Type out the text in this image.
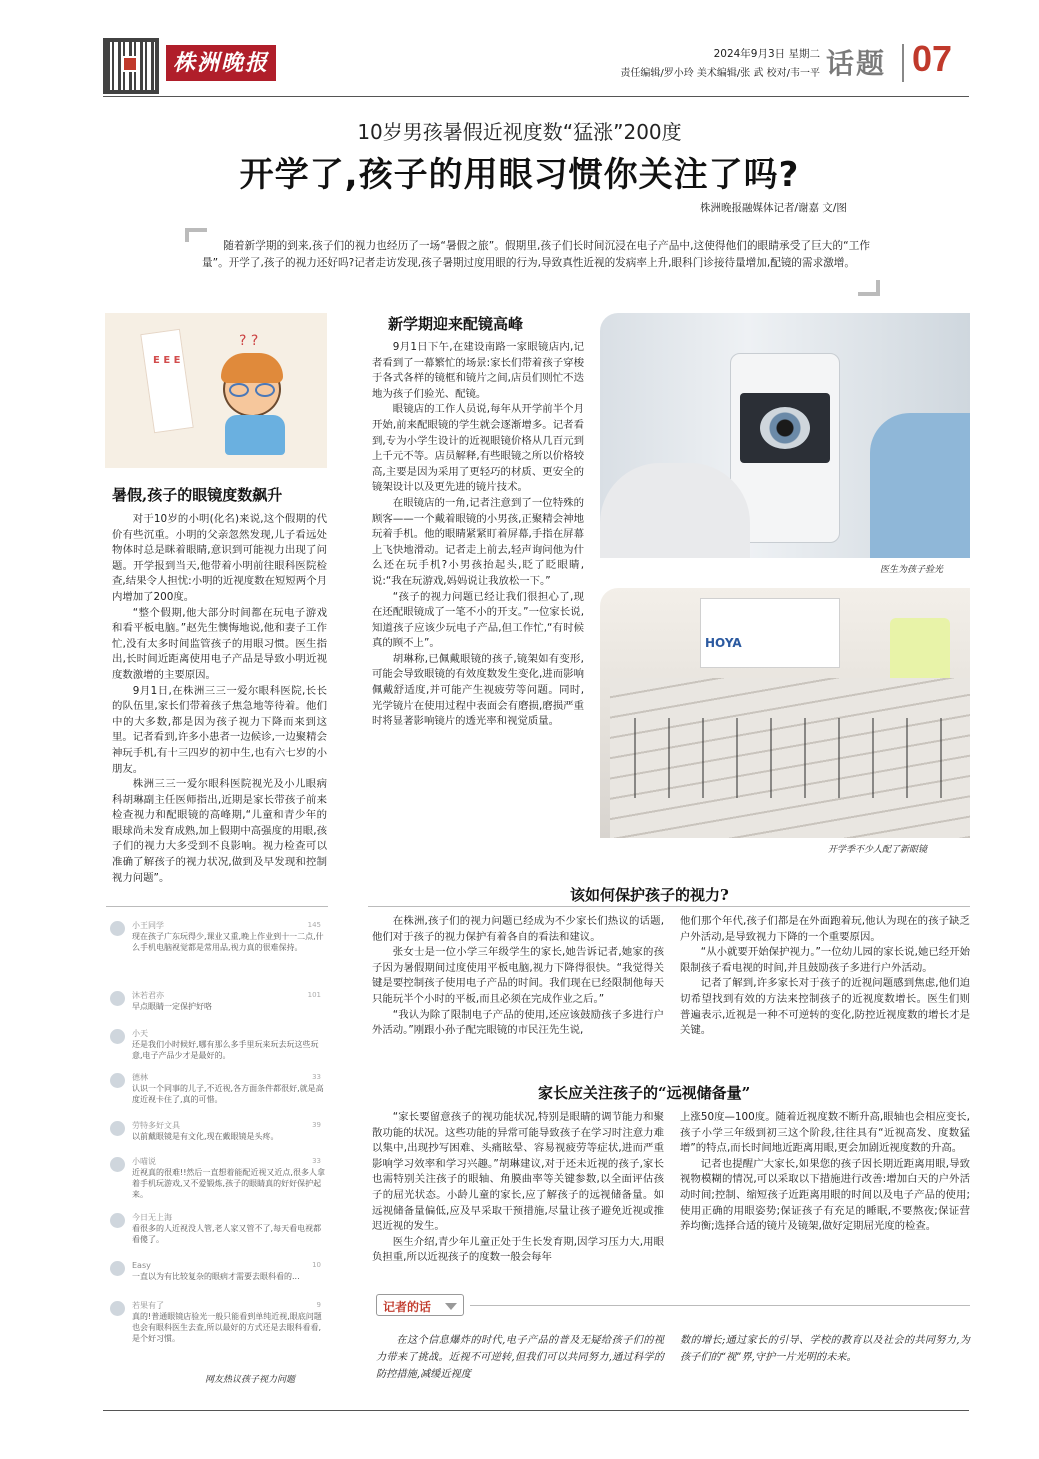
株洲晚报	2024年9月3日 星期二
责任编辑/罗小玲 美术编辑/张 武 校对/韦一平 话题 07
10岁男孩暑假近视度数“猛涨”200度
开学了,孩子的用眼习惯你关注了吗?
株洲晚报融媒体记者/谢嘉 文/图
随着新学期的到来,孩子们的视力也经历了一场“暑假之旅”。假期里,孩子们长时间沉浸在电子产品中,这使得他们的眼睛承受了巨大的“工作量”。开学了,孩子的视力还好吗?记者走访发现,孩子暑期过度用眼的行为,导致真性近视的发病率上升,眼科门诊接待量增加,配镜的需求激增。
E E E
? ?
暑假,孩子的眼镜度数飙升

对于10岁的小明(化名)来说,这个假期的代价有些沉重。小明的父亲忽然发现,儿子看远处物体时总是眯着眼睛,意识到可能视力出现了问题。开学报到当天,他带着小明前往眼科医院检查,结果令人担忧:小明的近视度数在短短两个月内增加了200度。

“整个假期,他大部分时间都在玩电子游戏和看平板电脑。”赵先生懊悔地说,他和妻子工作忙,没有太多时间监管孩子的用眼习惯。医生指出,长时间近距离使用电子产品是导致小明近视度数激增的主要原因。

9月1日,在株洲三三一爱尔眼科医院,长长的队伍里,家长们带着孩子焦急地等待着。他们中的大多数,都是因为孩子视力下降而来到这里。记者看到,许多小患者一边候诊,一边聚精会神玩手机,有十三四岁的初中生,也有六七岁的小朋友。

株洲三三一爱尔眼科医院视光及小儿眼病科胡琳副主任医师指出,近期是家长带孩子前来检查视力和配眼镜的高峰期,“儿童和青少年的眼球尚未发育成熟,加上假期中高强度的用眼,孩子们的视力大多受到不良影响。视力检查可以准确了解孩子的视力状况,做到及早发现和控制视力问题”。

新学期迎来配镜高峰

9月1日下午,在建设南路一家眼镜店内,记者看到了一幕繁忙的场景:家长们带着孩子穿梭于各式各样的镜框和镜片之间,店员们则忙不迭地为孩子们验光、配镜。

眼镜店的工作人员说,每年从开学前半个月开始,前来配眼镜的学生就会逐渐增多。记者看到,专为小学生设计的近视眼镜价格从几百元到上千元不等。店员解释,有些眼镜之所以价格较高,主要是因为采用了更轻巧的材质、更安全的镜架设计以及更先进的镜片技术。

在眼镜店的一角,记者注意到了一位特殊的顾客——一个戴着眼镜的小男孩,正聚精会神地玩着手机。他的眼睛紧紧盯着屏幕,手指在屏幕上飞快地滑动。记者走上前去,轻声询问他为什么还在玩手机?小男孩抬起头,眨了眨眼睛,说:“我在玩游戏,妈妈说让我放松一下。”

“孩子的视力问题已经让我们很担心了,现在还配眼镜成了一笔不小的开支。”一位家长说,知道孩子应该少玩电子产品,但工作忙,“有时候真的顾不上”。

胡琳称,已佩戴眼镜的孩子,镜架如有变形,可能会导致眼镜的有效度数发生变化,进而影响佩戴舒适度,并可能产生视疲劳等问题。同时,光学镜片在使用过程中表面会有磨损,磨损严重时将显著影响镜片的透光率和视觉质量。

医生为孩子验光
HOYA
开学季不少人配了新眼镜
小王同学
现在孩子广东玩得少,课业又重,晚上作业到十一二点,什么手机电脑视觉都是常用品,视力真的很难保持。
145
沐若君亦
早点眼睛一定保护好咯
101
小天
还是我们小时候好,哪有那么多手里玩来玩去玩这些玩意,电子产品少才是最好的。
德林
认识一个同事的儿子,不近视,各方面条件都很好,就是高度近视卡住了,真的可惜。
33
劳特多好文具
以前戴眼镜是有文化,现在戴眼镜是头疼。
39
小喵说
近视真的很难!!然后一直想着能配近视又近点,很多人拿着手机玩游戏,又不爱锻炼,孩子的眼睛真的好好保护起来。
33
今日无上海
看很多的人近视没人管,老人家又管不了,每天看电视都看傻了。
Easy
一直以为有比较复杂的眼病才需要去眼科看的...
10
若果有了
真的!普通眼镜店验光一般只能看到单纯近视,眼底问题也会有眼科医生去查,所以最好的方式还是去眼科看看,是个好习惯。
9
网友热议孩子视力问题
该如何保护孩子的视力?

在株洲,孩子们的视力问题已经成为不少家长们热议的话题,他们对于孩子的视力保护有着各自的看法和建议。

张女士是一位小学三年级学生的家长,她告诉记者,她家的孩子因为暑假期间过度使用平板电脑,视力下降得很快。“我觉得关键是要控制孩子使用电子产品的时间。我们现在已经限制他每天只能玩半个小时的平板,而且必须在完成作业之后。”

“我认为除了限制电子产品的使用,还应该鼓励孩子多进行户外活动。”刚跟小孙子配完眼镜的市民汪先生说,

他们那个年代,孩子们都是在外面跑着玩,他认为现在的孩子缺乏户外活动,是导致视力下降的一个重要原因。

“从小就要开始保护视力。”一位幼儿园的家长说,她已经开始限制孩子看电视的时间,并且鼓励孩子多进行户外活动。

记者了解到,许多家长对于孩子的近视问题感到焦虑,他们迫切希望找到有效的方法来控制孩子的近视度数增长。医生们则普遍表示,近视是一种不可逆转的变化,防控近视度数的增长才是关键。

家长应关注孩子的“远视储备量”

“家长要留意孩子的视功能状况,特别是眼睛的调节能力和聚散功能的状况。这些功能的异常可能导致孩子在学习时注意力难以集中,出现抄写困难、头痛眩晕、容易视疲劳等症状,进而严重影响学习效率和学习兴趣。”胡琳建议,对于还未近视的孩子,家长也需特别关注孩子的眼轴、角膜曲率等关键参数,以全面评估孩子的屈光状态。小龄儿童的家长,应了解孩子的远视储备量。如远视储备量偏低,应及早采取干预措施,尽量让孩子避免近视或推迟近视的发生。

医生介绍,青少年儿童正处于生长发育期,因学习压力大,用眼负担重,所以近视孩子的度数一般会每年

上涨50度—100度。随着近视度数不断升高,眼轴也会相应变长,孩子小学三年级到初三这个阶段,往往具有“近视高发、度数猛增”的特点,而长时间地近距离用眼,更会加剧近视度数的升高。

记者也提醒广大家长,如果您的孩子因长期近距离用眼,导致视物模糊的情况,可以采取以下措施进行改善:增加白天的户外活动时间;控制、缩短孩子近距离用眼的时间以及电子产品的使用;使用正确的用眼姿势;保证孩子有充足的睡眠,不要熬夜;保证营养均衡;选择合适的镜片及镜架,做好定期屈光度的检查。

记者的话
在这个信息爆炸的时代,电子产品的普及无疑给孩子们的视力带来了挑战。近视不可逆转,但我们可以共同努力,通过科学的防控措施,减缓近视度
数的增长;通过家长的引导、学校的教育以及社会的共同努力,为孩子们的“视”界,守护一片光明的未来。
